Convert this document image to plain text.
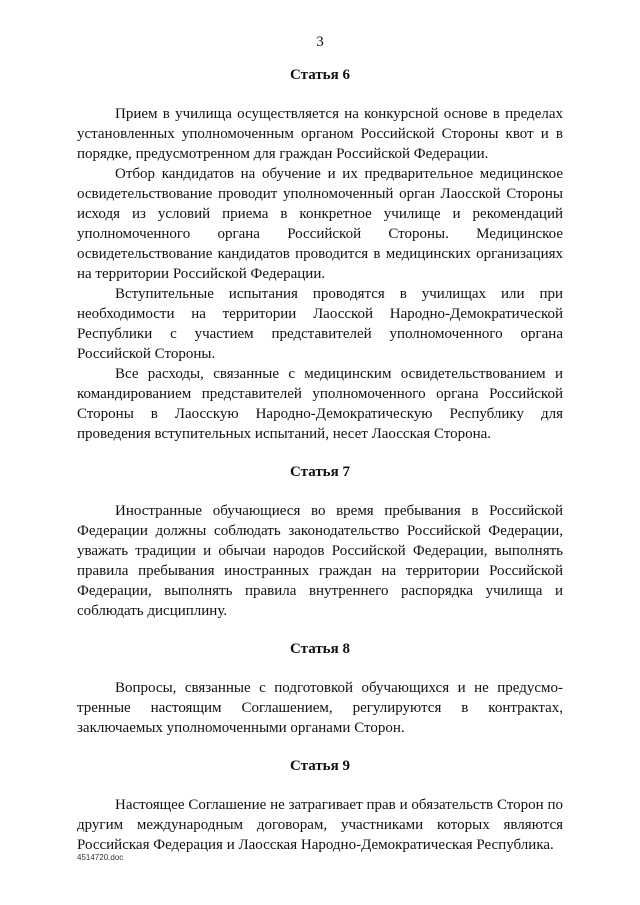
3
Статья 6

Прием в училища осуществляется на конкурсной основе в пределах установленных уполномоченным органом Российской Стороны квот и в порядке, предусмотренном для граждан Российской Федерации.

Отбор кандидатов на обучение и их предварительное медицинское освидетельствование проводит уполномоченный орган Лаосской Стороны исходя из условий приема в конкретное училище и рекомендаций уполномоченного органа Российской Стороны. Медицинское освидетельствование кандидатов проводится в медицинских организациях на территории Российской Федерации.

Вступительные испытания проводятся в училищах или при необходимости на территории Лаосской Народно-Демократической Республики с участием представителей уполномоченного органа Российской Стороны.

Все расходы, связанные с медицинским освидетельствованием и командированием представителей уполномоченного органа Российской Стороны в Лаосскую Народно-Демократическую Республику для проведения вступительных испытаний, несет Лаосская Сторона.

Статья 7

Иностранные обучающиеся во время пребывания в Российской Федерации должны соблюдать законодательство Российской Федерации, уважать традиции и обычаи народов Российской Федерации, выполнять правила пребывания иностранных граждан на территории Российской Федерации, выполнять правила внутреннего распорядка училища и соблюдать дисциплину.

Статья 8

Вопросы, связанные с подготовкой обучающихся и не предусмо-тренные настоящим Соглашением, регулируются в контрактах, заключаемых уполномоченными органами Сторон.

Статья 9

Настоящее Соглашение не затрагивает прав и обязательств Сторон по другим международным договорам, участниками которых являются Российская Федерация и Лаосская Народно-Демократическая Республика.

4514720.doc
